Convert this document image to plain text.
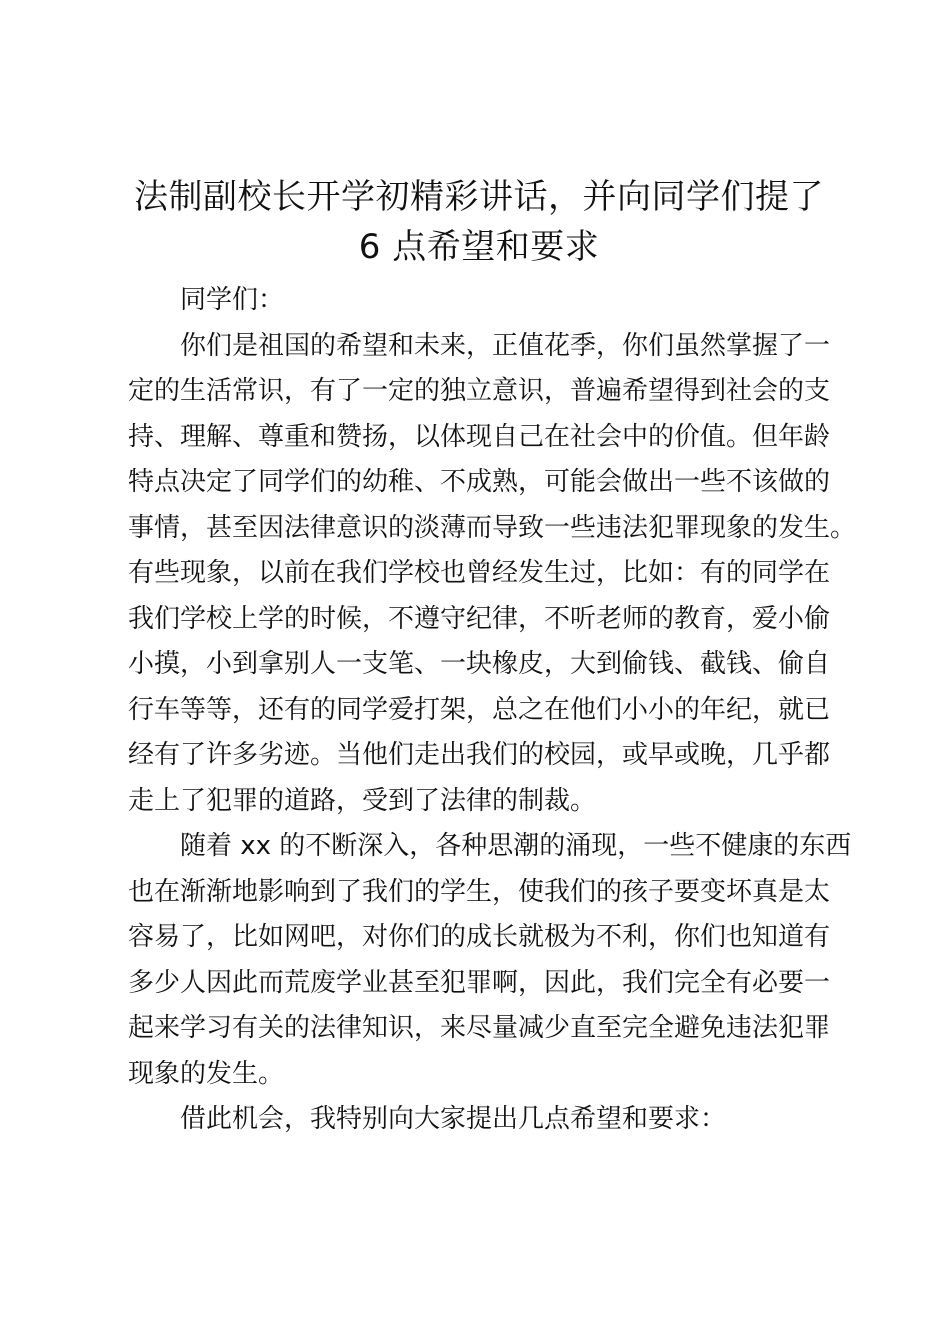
法制副校长开学初精彩讲话，并向同学们提了
6 点希望和要求

同学们：

你们是祖国的希望和未来，正值花季，你们虽然掌握了一
定的生活常识，有了一定的独立意识，普遍希望得到社会的支
持、理解、尊重和赞扬，以体现自己在社会中的价值。但年龄
特点决定了同学们的幼稚、不成熟，可能会做出一些不该做的
事情，甚至因法律意识的淡薄而导致一些违法犯罪现象的发生。
有些现象，以前在我们学校也曾经发生过，比如：有的同学在
我们学校上学的时候，不遵守纪律，不听老师的教育，爱小偷
小摸，小到拿别人一支笔、一块橡皮，大到偷钱、截钱、偷自
行车等等，还有的同学爱打架，总之在他们小小的年纪，就已
经有了许多劣迹。当他们走出我们的校园，或早或晚，几乎都
走上了犯罪的道路，受到了法律的制裁。

随着 xx 的不断深入，各种思潮的涌现，一些不健康的东西
也在渐渐地影响到了我们的学生，使我们的孩子要变坏真是太
容易了，比如网吧，对你们的成长就极为不利，你们也知道有
多少人因此而荒废学业甚至犯罪啊，因此，我们完全有必要一
起来学习有关的法律知识，来尽量减少直至完全避免违法犯罪
现象的发生。

借此机会，我特别向大家提出几点希望和要求：
